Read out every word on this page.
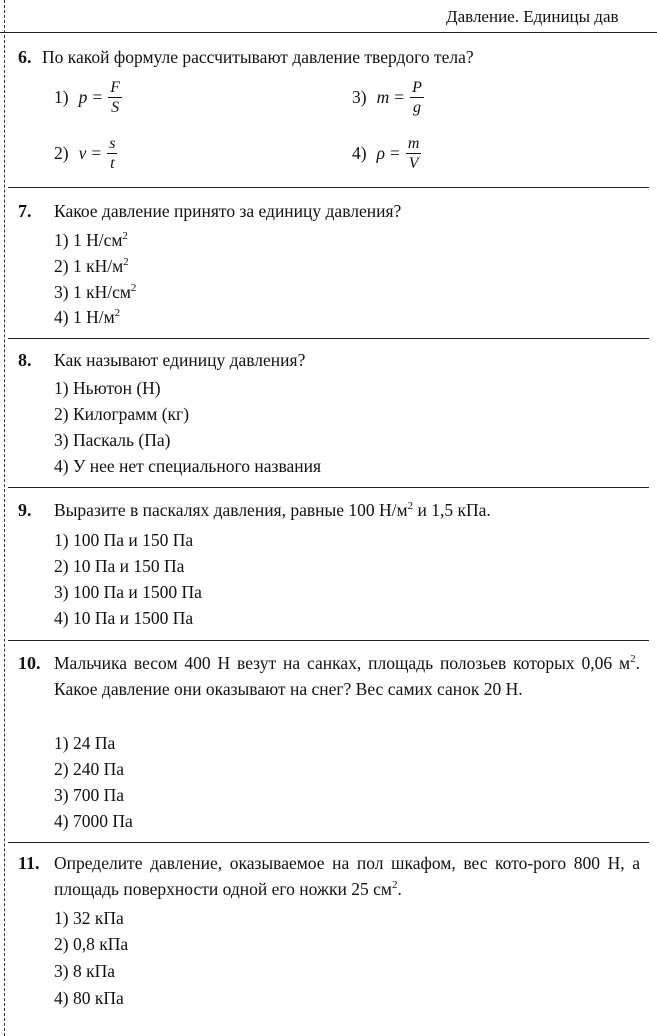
Давление. Единицы дав
6. По какой формуле рассчитывают давление твердого тела?
1) $p = \frac{F}{S}$
2) $v = \frac{s}{t}$
3) $m = \frac{P}{g}$
4) $\rho = \frac{m}{V}$
7. Какое давление принято за единицу давления?
1) 1 $Н/см^2$
2) 1 $кН/м^2$
3) 1 $кН/см^2$
4) 1 $Н/м^2$
8. Как называют единицу давления?
1) Ньютон (Н)
2) Килограмм (кг)
3) Паскаль (Па)
4) У нее нет специального названия
9. Выразите в паскалях давления, равные 100 $Н/м^2$ и 1,5 кПа.
1) 100 Па и 150 Па
2) 10 Па и 150 Па
3) 100 Па и 1500 Па
4) 10 Па и 1500 Па
10. Мальчика весом 400 Н везут на санках, площадь полозьев которых 0,06 $м^2$. Какое давление они оказывают на снег? Вес самих санок 20 Н.
1) 24 Па
2) 240 Па
3) 700 Па
4) 7000 Па
11. Определите давление, оказываемое на пол шкафом, вес кото-рого 800 Н, а площадь поверхности одной его ножки 25 $см^2$.
1) 32 кПа
2) 0,8 кПа
3) 8 кПа
4) 80 кПа
